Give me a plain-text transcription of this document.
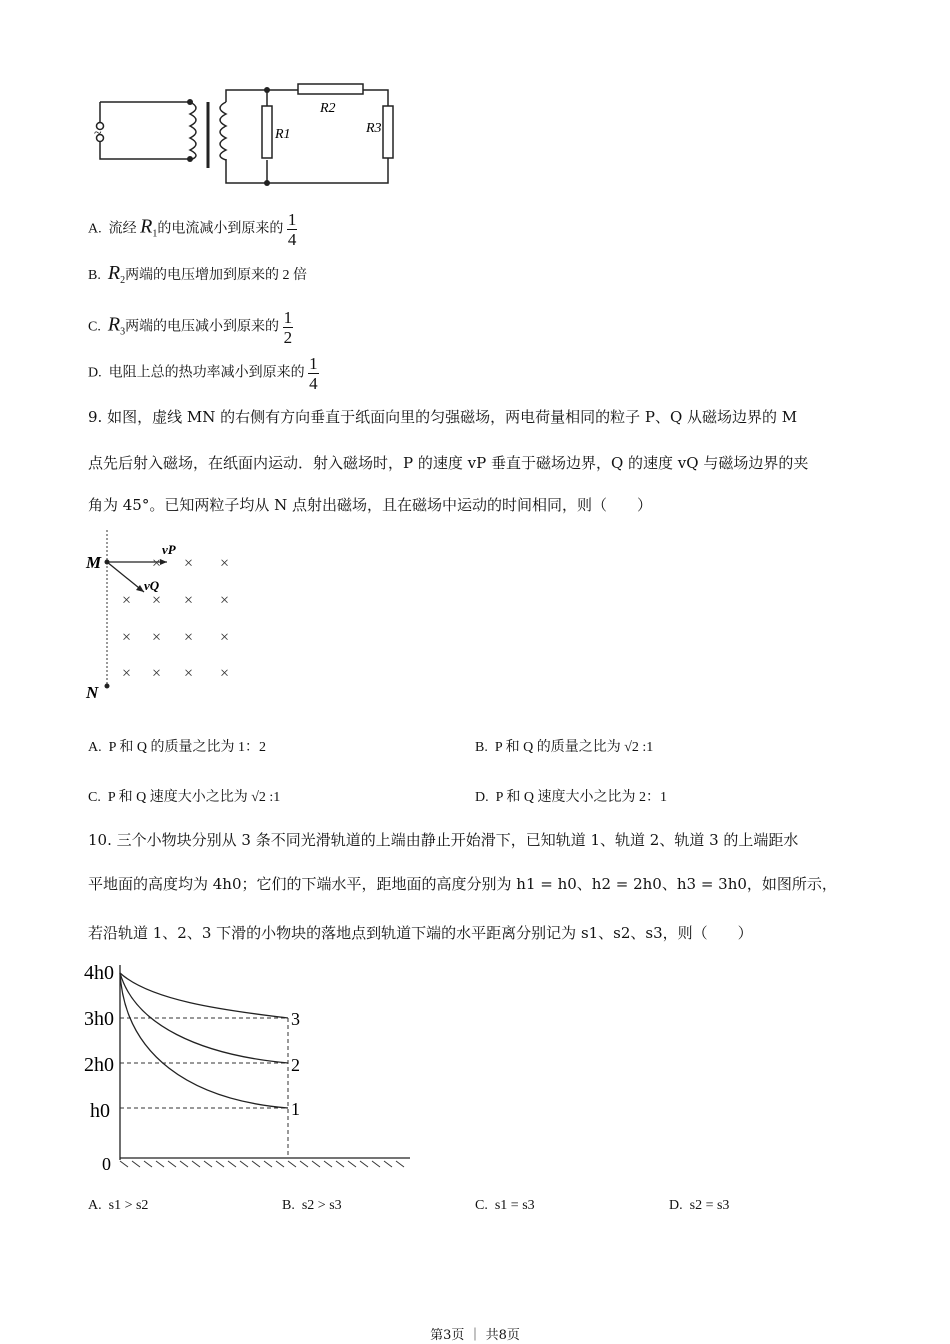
~	R1
R2
R3
A. 流经 $R_1$的电流减小到原来的 $\frac{1}{4}$
B. $R_2$两端的电压增加到原来的 2 倍
C. $R_3$两端的电压减小到原来的 $\frac{1}{2}$
D. 电阻上总的热功率减小到原来的 $\frac{1}{4}$
9. 如图，虚线 MN 的右侧有方向垂直于纸面向里的匀强磁场，两电荷量相同的粒子 P、Q 从磁场边界的 M
点先后射入磁场，在纸面内运动．射入磁场时，P 的速度 vP 垂直于磁场边界，Q 的速度 vQ 与磁场边界的夹
角为 45°。已知两粒子均从 N 点射出磁场，且在磁场中运动的时间相同，则（　　）
× × ×
× × × ×
× × × ×
× × × ×
M
N
vP
vQ
A. P 和 Q 的质量之比为 1：2	B. P 和 Q 的质量之比为 √2 :1
C. P 和 Q 速度大小之比为 √2 :1	D. P 和 Q 速度大小之比为 2：1
10. 三个小物块分别从 3 条不同光滑轨道的上端由静止开始滑下，已知轨道 1、轨道 2、轨道 3 的上端距水
平地面的高度均为 4h0；它们的下端水平，距地面的高度分别为 h1 = h0、h2 = 2h0、h3 = 3h0，如图所示，
若沿轨道 1、2、3 下滑的小物块的落地点到轨道下端的水平距离分别记为 s1、s2、s3，则（　　）
4h0
3h0
2h0
h0
0
3
2
1
A. s1 > s2	B. s2 > s3	C. s1 = s3	D. s2 = s3
第3页 ｜ 共8页
